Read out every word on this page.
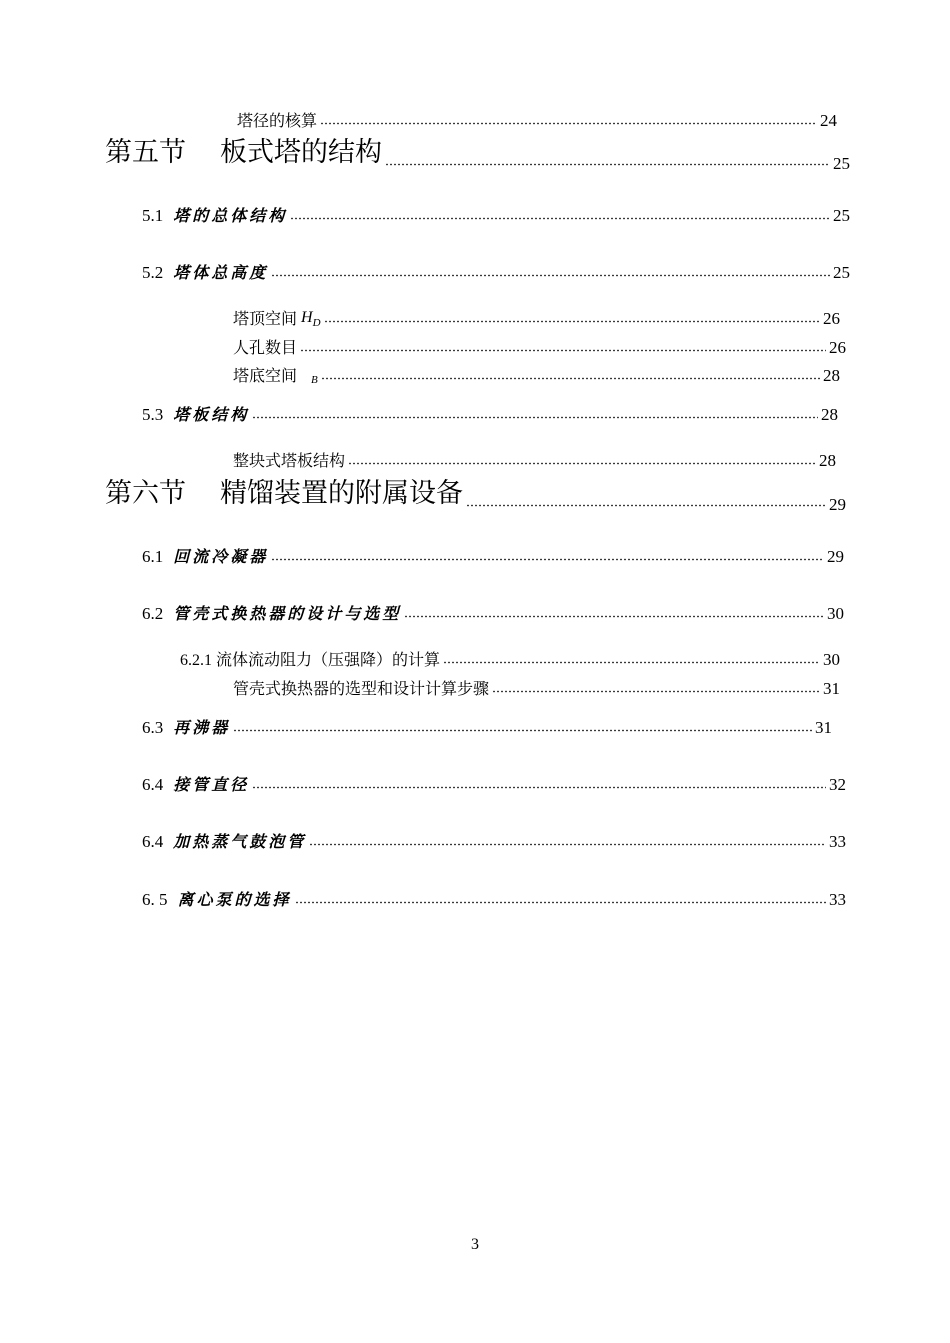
塔径的核算	24
第五节 板式塔的结构	25
5.1 塔的总体结构	25
5.2 塔体总高度	25
塔顶空间 $H_D$	26
人孔数目	26
塔底空间 $_B$	28
5.3 塔板结构	28
整块式塔板结构	28
第六节 精馏装置的附属设备	29
6.1 回流冷凝器	29
6.2 管壳式换热器的设计与选型	30
6.2.1 流体流动阻力（压强降）的计算	30
管壳式换热器的选型和设计计算步骤	31
6.3 再沸器	31
6.4 接管直径	32
6.4 加热蒸气鼓泡管	33
6. 5 离心泵的选择	33
3
